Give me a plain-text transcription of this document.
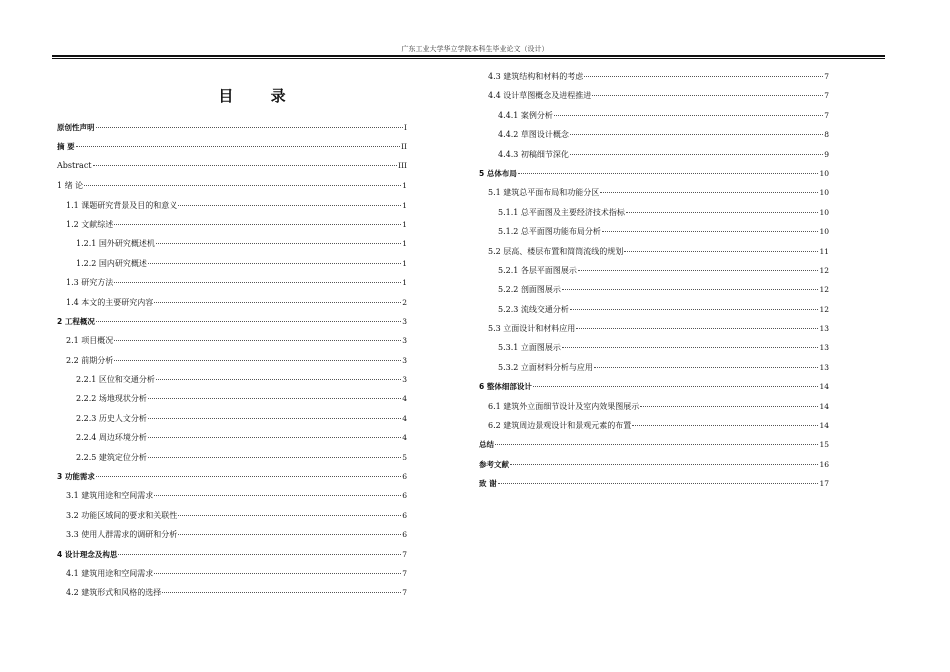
广东工业大学华立学院本科生毕业论文（设计）
目 录
原创性声明	I
摘 要	II
Abstract	III
1 绪 论	1
1.1 课题研究背景及目的和意义	1
1.2 文献综述	1
1.2.1 国外研究概述机	1
1.2.2 国内研究概述	1
1.3 研究方法	1
1.4 本文的主要研究内容	2
2 工程概况	3
2.1 项目概况	3
2.2 前期分析	3
2.2.1 区位和交通分析	3
2.2.2 场地现状分析	4
2.2.3 历史人文分析	4
2.2.4 周边环境分析	4
2.2.5 建筑定位分析	5
3 功能需求	6
3.1 建筑用途和空间需求	6
3.2 功能区域间的要求和关联性	6
3.3 使用人群需求的调研和分析	6
4 设计理念及构思	7
4.1 建筑用途和空间需求	7
4.2 建筑形式和风格的选择	7
4.3 建筑结构和材料的考虑	7
4.4 设计草图概念及进程推进	7
4.4.1 案例分析	7
4.4.2 草图设计概念	8
4.4.3 初稿细节深化	9
5 总体布局	10
5.1 建筑总平面布局和功能分区	10
5.1.1 总平面图及主要经济技术指标	10
5.1.2 总平面图功能布局分析	10
5.2 层高、楼层布置和简筒流线的规划	11
5.2.1 各层平面图展示	12
5.2.2 剖面图展示	12
5.2.3 流线交通分析	12
5.3 立面设计和材料应用	13
5.3.1 立面图展示	13
5.3.2 立面材料分析与应用	13
6 整体细部设计	14
6.1 建筑外立面细节设计及室内效果图展示	14
6.2 建筑周边景观设计和景观元素的布置	14
总结	15
参考文献	16
致 谢	17
